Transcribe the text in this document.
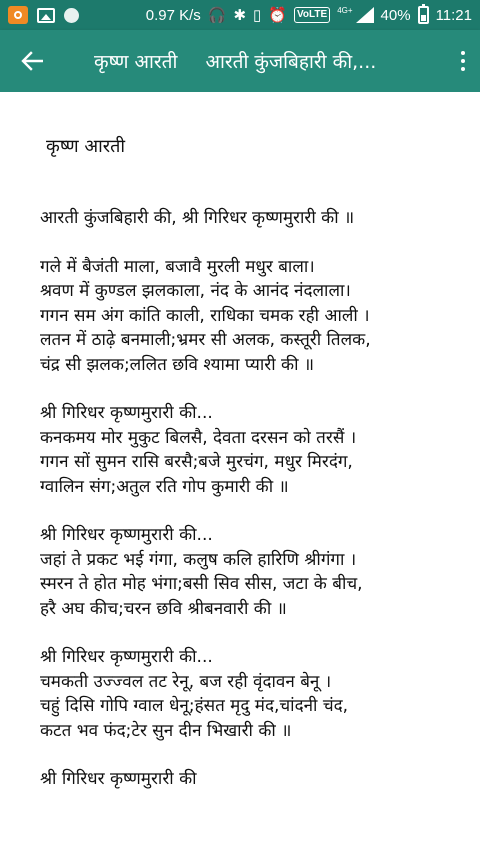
0.97 K/s 🎧 ✱ ▯ ⏰	VoLTE	4G+ 40% 11:21
कृष्ण आरती	आरती कुंजबिहारी की,...
कृष्ण आरती
आरती कुंजबिहारी की, श्री गिरिधर कृष्णमुरारी की ॥
गले में बैजंती माला, बजावै मुरली मधुर बाला।
श्रवण में कुण्डल झलकाला, नंद के आनंद नंदलाला।
गगन सम अंग कांति काली, राधिका चमक रही आली ।
लतन में ठाढ़े बनमाली;भ्रमर सी अलक, कस्तूरी तिलक,
चंद्र सी झलक;ललित छवि श्यामा प्यारी की ॥
श्री गिरिधर कृष्णमुरारी की...
कनकमय मोर मुकुट बिलसै, देवता दरसन को तरसैं ।
गगन सों सुमन रासि बरसै;बजे मुरचंग, मधुर मिरदंग,
ग्वालिन संग;अतुल रति गोप कुमारी की ॥
श्री गिरिधर कृष्णमुरारी की...
जहां ते प्रकट भई गंगा, कलुष कलि हारिणि श्रीगंगा ।
स्मरन ते होत मोह भंगा;बसी सिव सीस, जटा के बीच,
हरै अघ कीच;चरन छवि श्रीबनवारी की ॥
श्री गिरिधर कृष्णमुरारी की...
चमकती उज्ज्वल तट रेनू, बज रही वृंदावन बेनू ।
चहुं दिसि गोपि ग्वाल धेनू;हंसत मृदु मंद,चांदनी चंद,
कटत भव फंद;टेर सुन दीन भिखारी की ॥
श्री गिरिधर कृष्णमुरारी की
